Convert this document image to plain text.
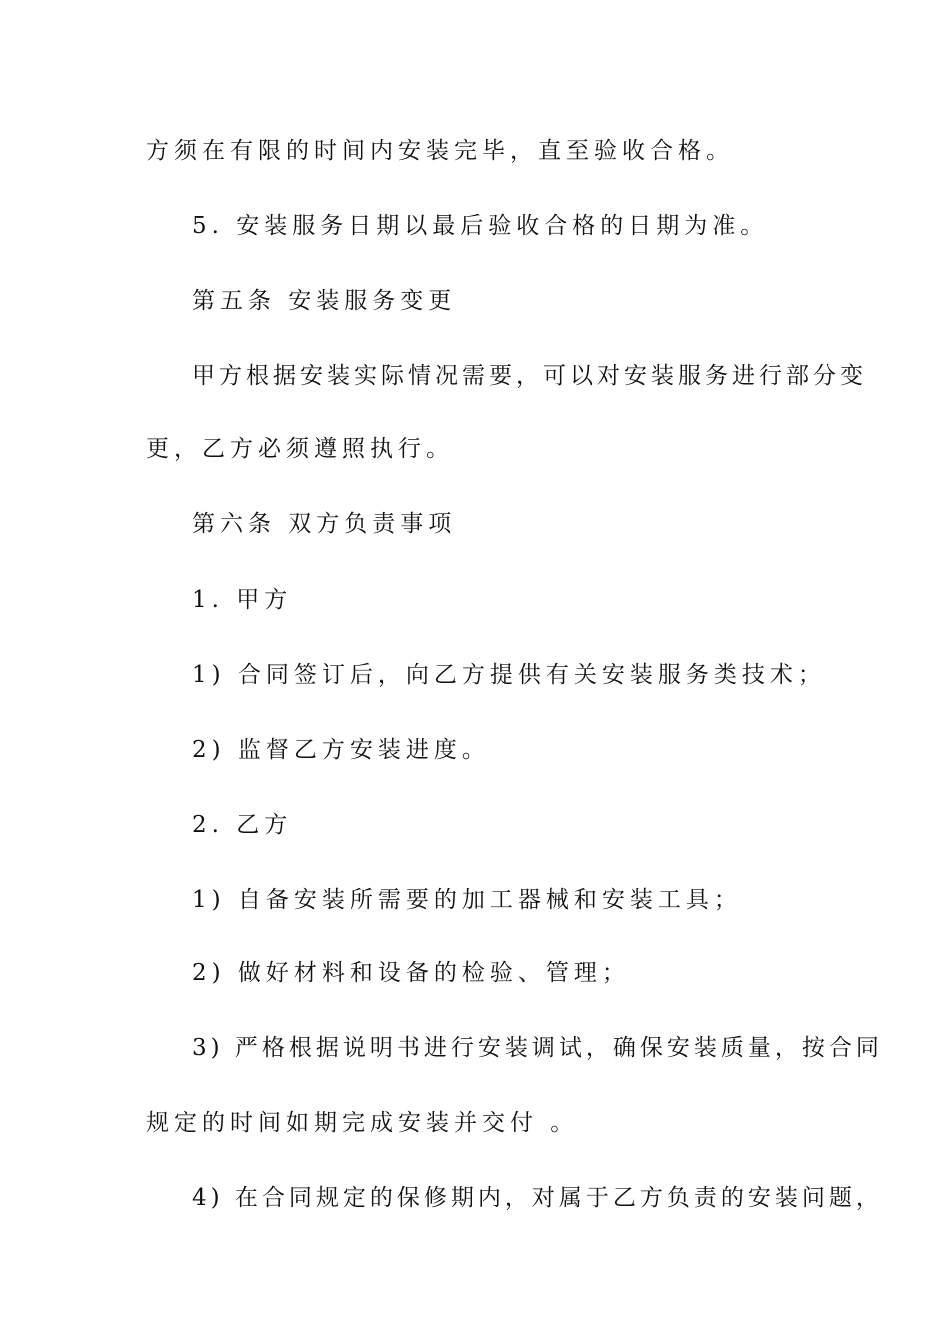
方须在有限的时间内安装完毕，直至验收合格。

5. 安装服务日期以最后验收合格的日期为准。

第五条 安装服务变更

甲方根据安装实际情况需要，可以对安装服务进行部分变

更，乙方必须遵照执行。

第六条 双方负责事项

1. 甲方

1) 合同签订后，向乙方提供有关安装服务类技术；

2) 监督乙方安装进度。

2. 乙方

1) 自备安装所需要的加工器械和安装工具；

2) 做好材料和设备的检验、管理；

3) 严格根据说明书进行安装调试，确保安装质量，按合同

规定的时间如期完成安装并交付 。

4) 在合同规定的保修期内，对属于乙方负责的安装问题，
